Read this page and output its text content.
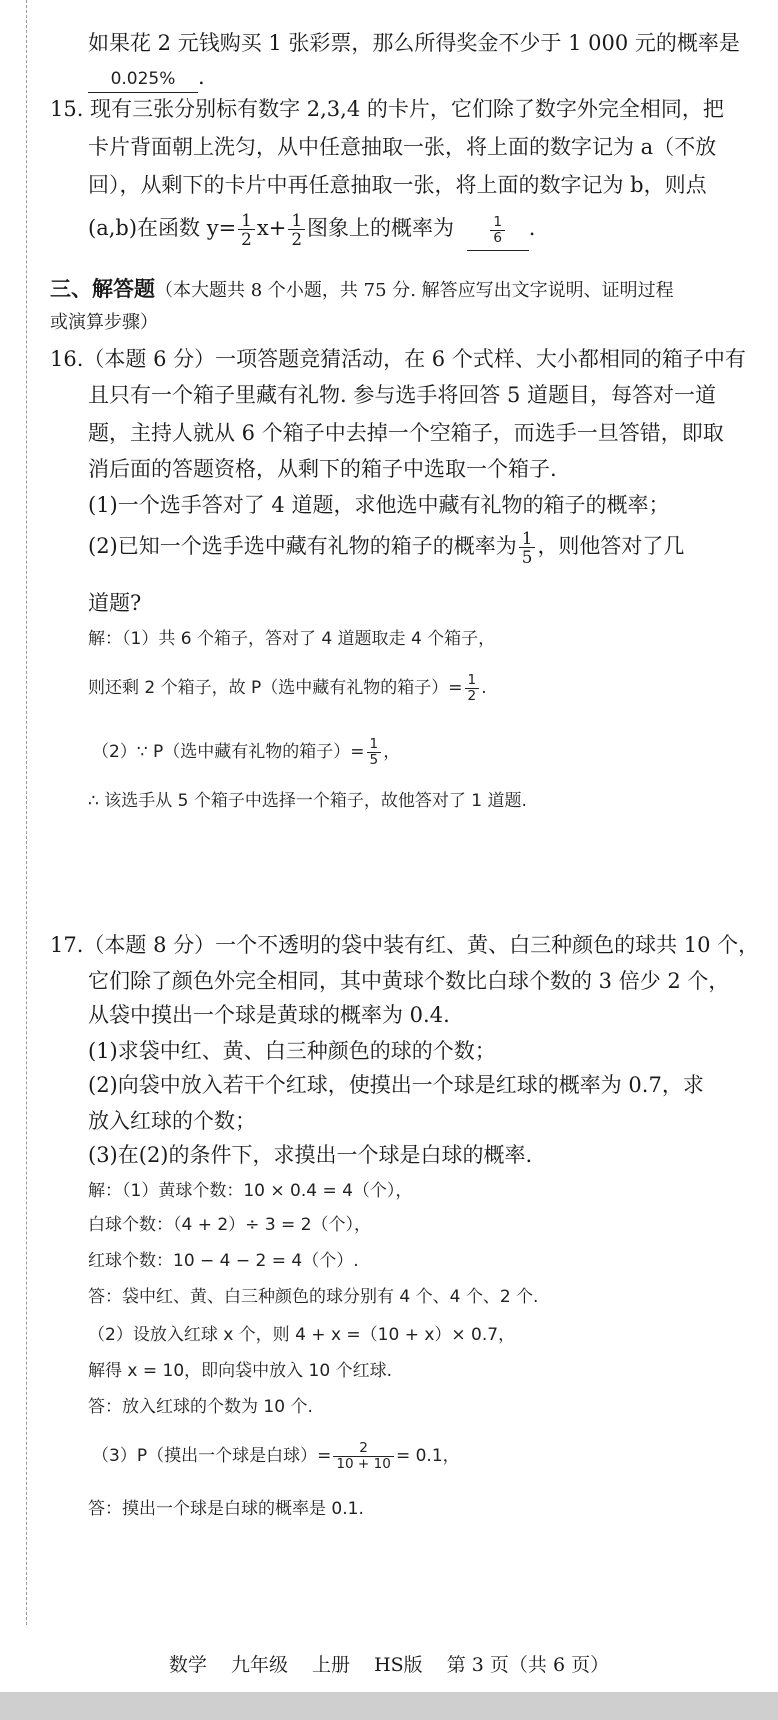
如果花 2 元钱购买 1 张彩票，那么所得奖金不少于 1 000 元的概率是
0.025% .
15. 现有三张分别标有数字 2,3,4 的卡片，它们除了数字外完全相同，把
卡片背面朝上洗匀，从中任意抽取一张，将上面的数字记为 a（不放
回），从剩下的卡片中再任意抽取一张，将上面的数字记为 b，则点
(a,b)在函数 $y= \frac{1}{2} x+ \frac{1}{2}$ 图象上的概率为	$\frac{1}{6}$ .
三、解答题（本大题共 8 个小题，共 75 分. 解答应写出文字说明、证明过程
或演算步骤）
16.（本题 6 分）一项答题竞猜活动，在 6 个式样、大小都相同的箱子中有
且只有一个箱子里藏有礼物. 参与选手将回答 5 道题目，每答对一道
题，主持人就从 6 个箱子中去掉一个空箱子，而选手一旦答错，即取
消后面的答题资格，从剩下的箱子中选取一个箱子.
(1)一个选手答对了 4 道题，求他选中藏有礼物的箱子的概率；
(2)已知一个选手选中藏有礼物的箱子的概率为 $\frac{1}{5}$ ，则他答对了几
道题?
解：（1）共 6 个箱子，答对了 4 道题取走 4 个箱子，
则还剩 2 个箱子，故 P（选中藏有礼物的箱子）= $\frac{1}{2}$ .
（2）∵ P（选中藏有礼物的箱子）= $\frac{1}{5}$ ，
∴ 该选手从 5 个箱子中选择一个箱子，故他答对了 1 道题.
17.（本题 8 分）一个不透明的袋中装有红、黄、白三种颜色的球共 10 个，
它们除了颜色外完全相同，其中黄球个数比白球个数的 3 倍少 2 个，
从袋中摸出一个球是黄球的概率为 0.4.
(1)求袋中红、黄、白三种颜色的球的个数；
(2)向袋中放入若干个红球，使摸出一个球是红球的概率为 0.7，求
放入红球的个数；
(3)在(2)的条件下，求摸出一个球是白球的概率.
解：（1）黄球个数：10 × 0.4 = 4（个），
白球个数：（4 + 2）÷ 3 = 2（个），
红球个数：10 − 4 − 2 = 4（个）.
答：袋中红、黄、白三种颜色的球分别有 4 个、4 个、2 个.
（2）设放入红球 x 个，则 4 + x =（10 + x）× 0.7，
解得 x = 10，即向袋中放入 10 个红球.
答：放入红球的个数为 10 个.
（3）P（摸出一个球是白球）= $\frac{2}{10 + 10} = 0.1$，
答：摸出一个球是白球的概率是 0.1.
数学 九年级 上册 HS版 第 3 页（共 6 页）
